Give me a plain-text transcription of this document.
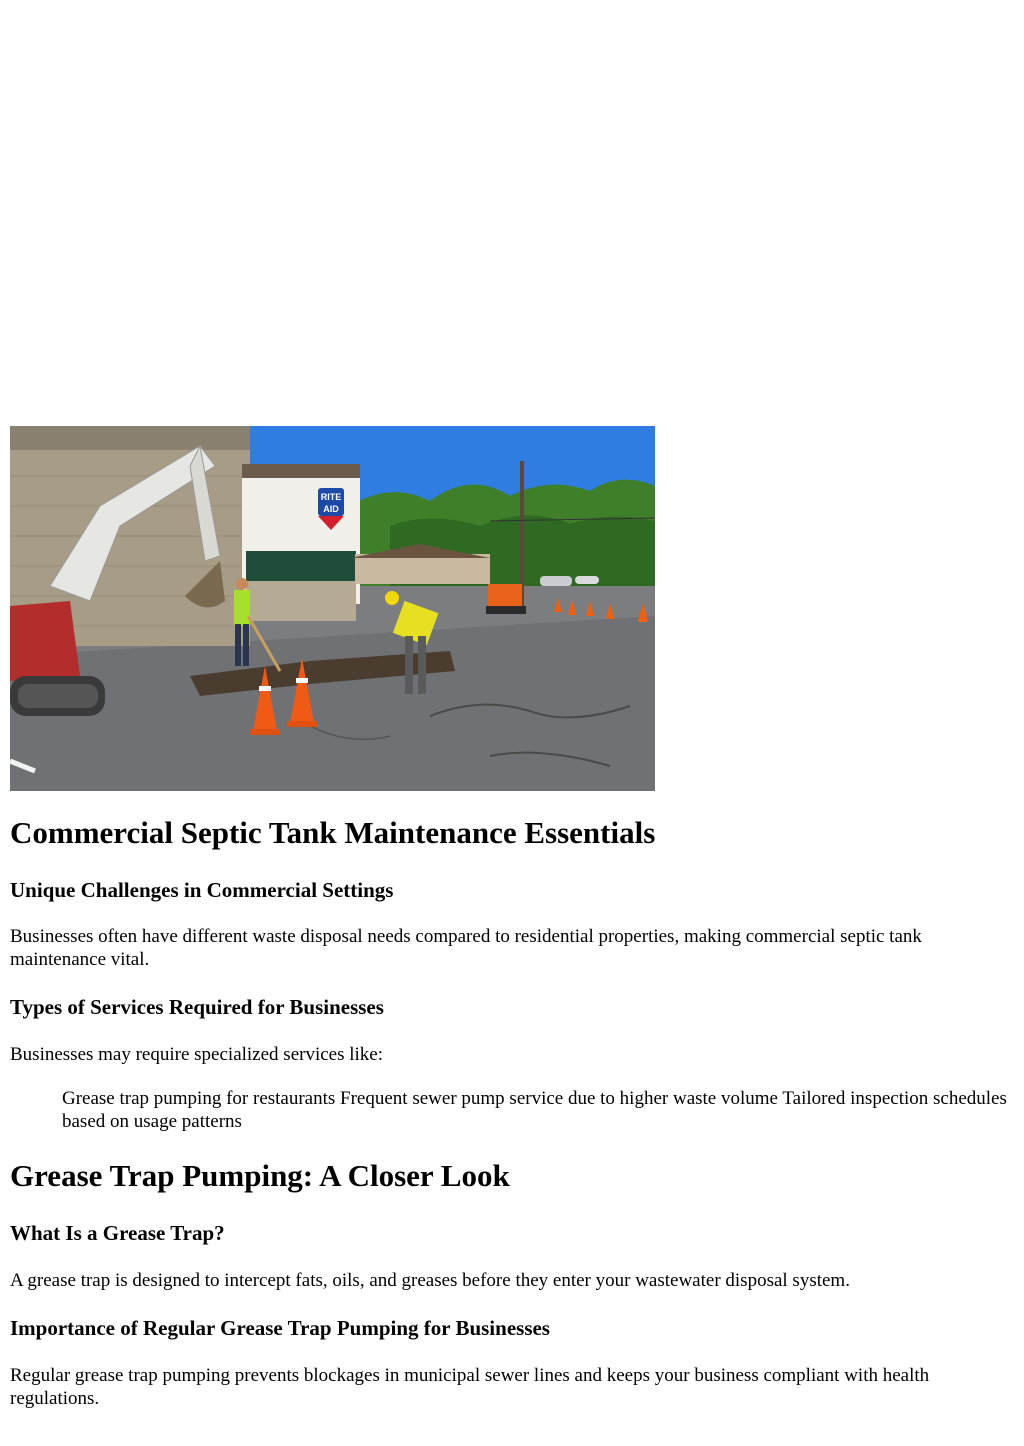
RITE
AID
Commercial Septic Tank Maintenance Essentials
Unique Challenges in Commercial Settings

Businesses often have different waste disposal needs compared to residential properties, making commercial septic tank maintenance vital.

Types of Services Required for Businesses

Businesses may require specialized services like:

Grease trap pumping for restaurants Frequent sewer pump service due to higher waste volume Tailored inspection schedules based on usage patterns
Grease Trap Pumping: A Closer Look
What Is a Grease Trap?

A grease trap is designed to intercept fats, oils, and greases before they enter your wastewater disposal system.

Importance of Regular Grease Trap Pumping for Businesses

Regular grease trap pumping prevents blockages in municipal sewer lines and keeps your business compliant with health regulations.
